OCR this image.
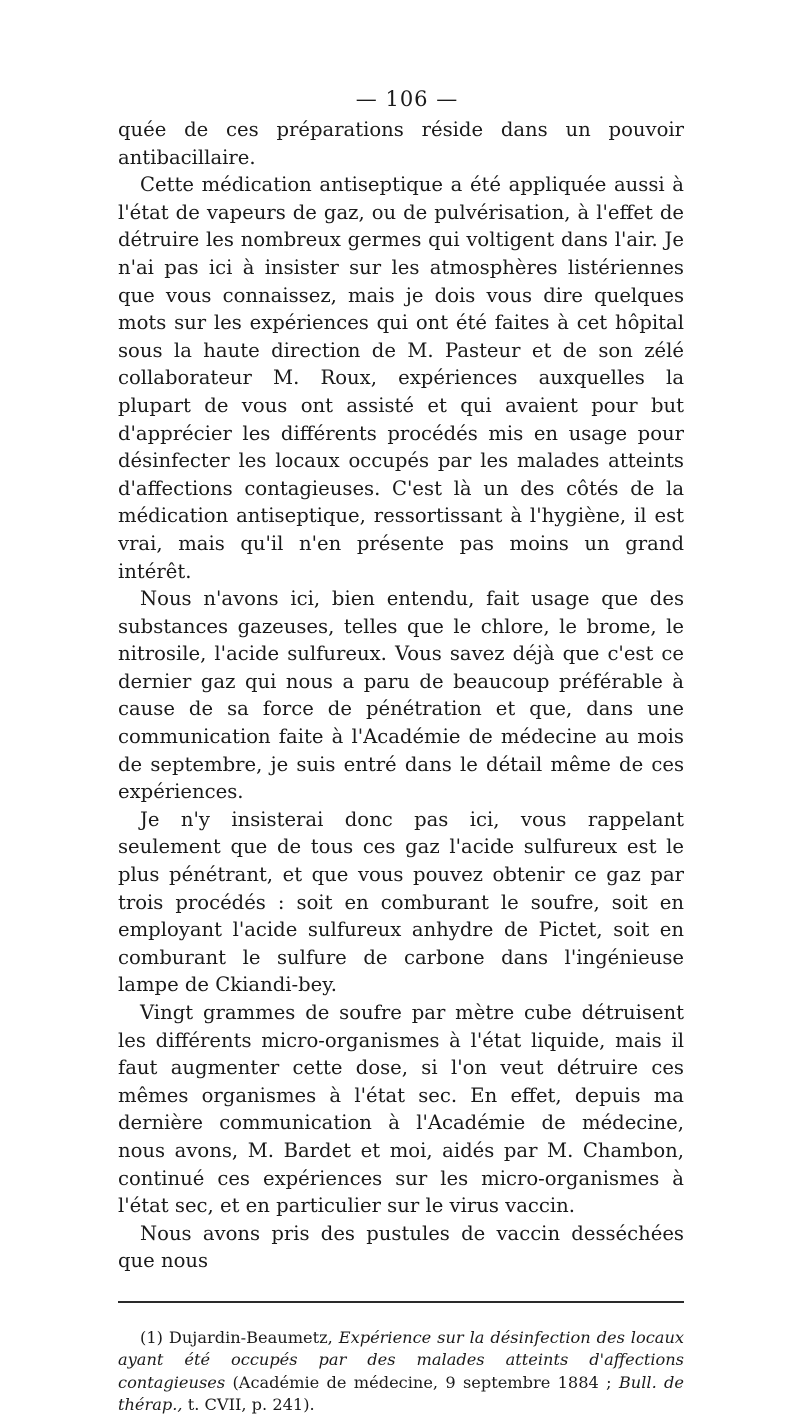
— 106 —

quée de ces préparations réside dans un pouvoir antibacillaire.

Cette médication antiseptique a été appliquée aussi à l'état de vapeurs de gaz, ou de pulvérisation, à l'effet de détruire les nombreux germes qui voltigent dans l'air. Je n'ai pas ici à insister sur les atmosphères listériennes que vous connaissez, mais je dois vous dire quelques mots sur les expériences qui ont été faites à cet hôpital sous la haute direction de M. Pasteur et de son zélé collaborateur M. Roux, expériences auxquelles la plupart de vous ont assisté et qui avaient pour but d'apprécier les différents procédés mis en usage pour désinfecter les locaux occupés par les malades atteints d'affections contagieuses. C'est là un des côtés de la médication antiseptique, ressortissant à l'hygiène, il est vrai, mais qu'il n'en présente pas moins un grand intérêt.

Nous n'avons ici, bien entendu, fait usage que des substances gazeuses, telles que le chlore, le brome, le nitrosile, l'acide sulfureux. Vous savez déjà que c'est ce dernier gaz qui nous a paru de beaucoup préférable à cause de sa force de pénétration et que, dans une communication faite à l'Académie de médecine au mois de septembre, je suis entré dans le détail même de ces expériences.

Je n'y insisterai donc pas ici, vous rappelant seulement que de tous ces gaz l'acide sulfureux est le plus pénétrant, et que vous pouvez obtenir ce gaz par trois procédés : soit en comburant le soufre, soit en employant l'acide sulfureux anhydre de Pictet, soit en comburant le sulfure de carbone dans l'ingénieuse lampe de Ckiandi-bey.

Vingt grammes de soufre par mètre cube détruisent les différents micro-organismes à l'état liquide, mais il faut augmenter cette dose, si l'on veut détruire ces mêmes organismes à l'état sec. En effet, depuis ma dernière communication à l'Académie de médecine, nous avons, M. Bardet et moi, aidés par M. Chambon, continué ces expériences sur les micro-organismes à l'état sec, et en particulier sur le virus vaccin.

Nous avons pris des pustules de vaccin desséchées que nous

(1) Dujardin-Beaumetz, Expérience sur la désinfection des locaux ayant été occupés par des malades atteints d'affections contagieuses (Académie de médecine, 9 septembre 1884 ; Bull. de thérap., t. CVII, p. 241).
